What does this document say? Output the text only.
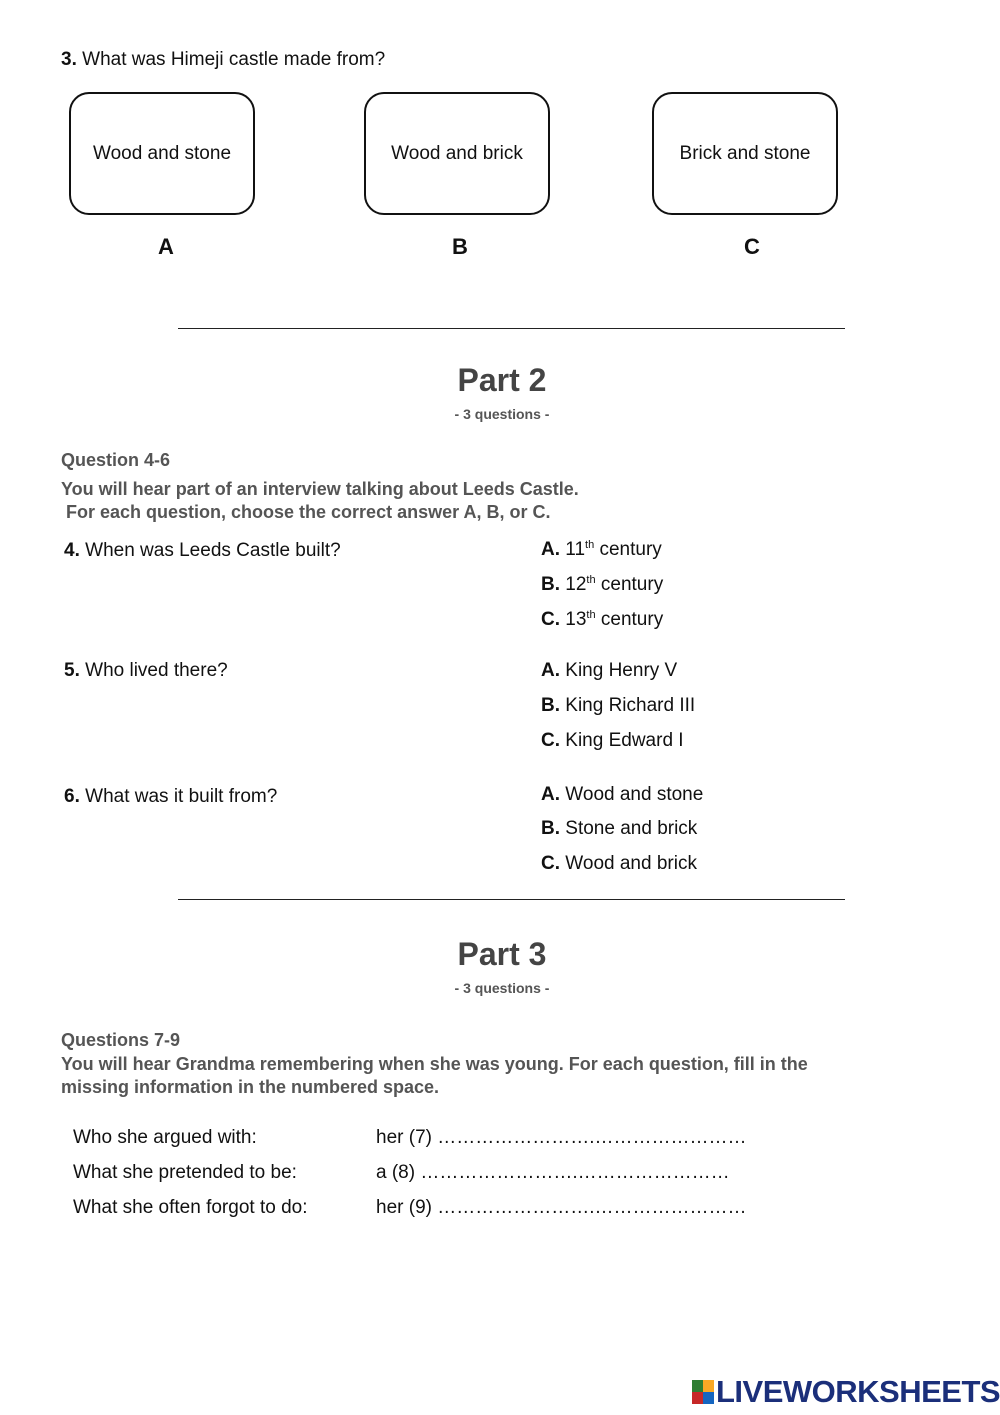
3. What was Himeji castle made from?
Wood and stone	Wood and brick	Brick and stone
A	B	C
Part 2
- 3 questions -
Question 4-6
You will hear part of an interview talking about Leeds Castle.
For each question, choose the correct answer A, B, or C.
4. When was Leeds Castle built?	A. 11th century
B. 12th century
C. 13th century
5. Who lived there?	A. King Henry V
B. King Richard III
C. King Edward I
6. What was it built from?	A. Wood and stone
B. Stone and brick
C. Wood and brick
Part 3
- 3 questions -
Questions 7-9
You will hear Grandma remembering when she was young. For each question, fill in the
missing information in the numbered space.
Who she argued with:	her (7) …………………….……………………
What she pretended to be:	a (8) …………………….……………………
What she often forgot to do:	her (9) …………………….……………………
LIVEWORKSHEETS
